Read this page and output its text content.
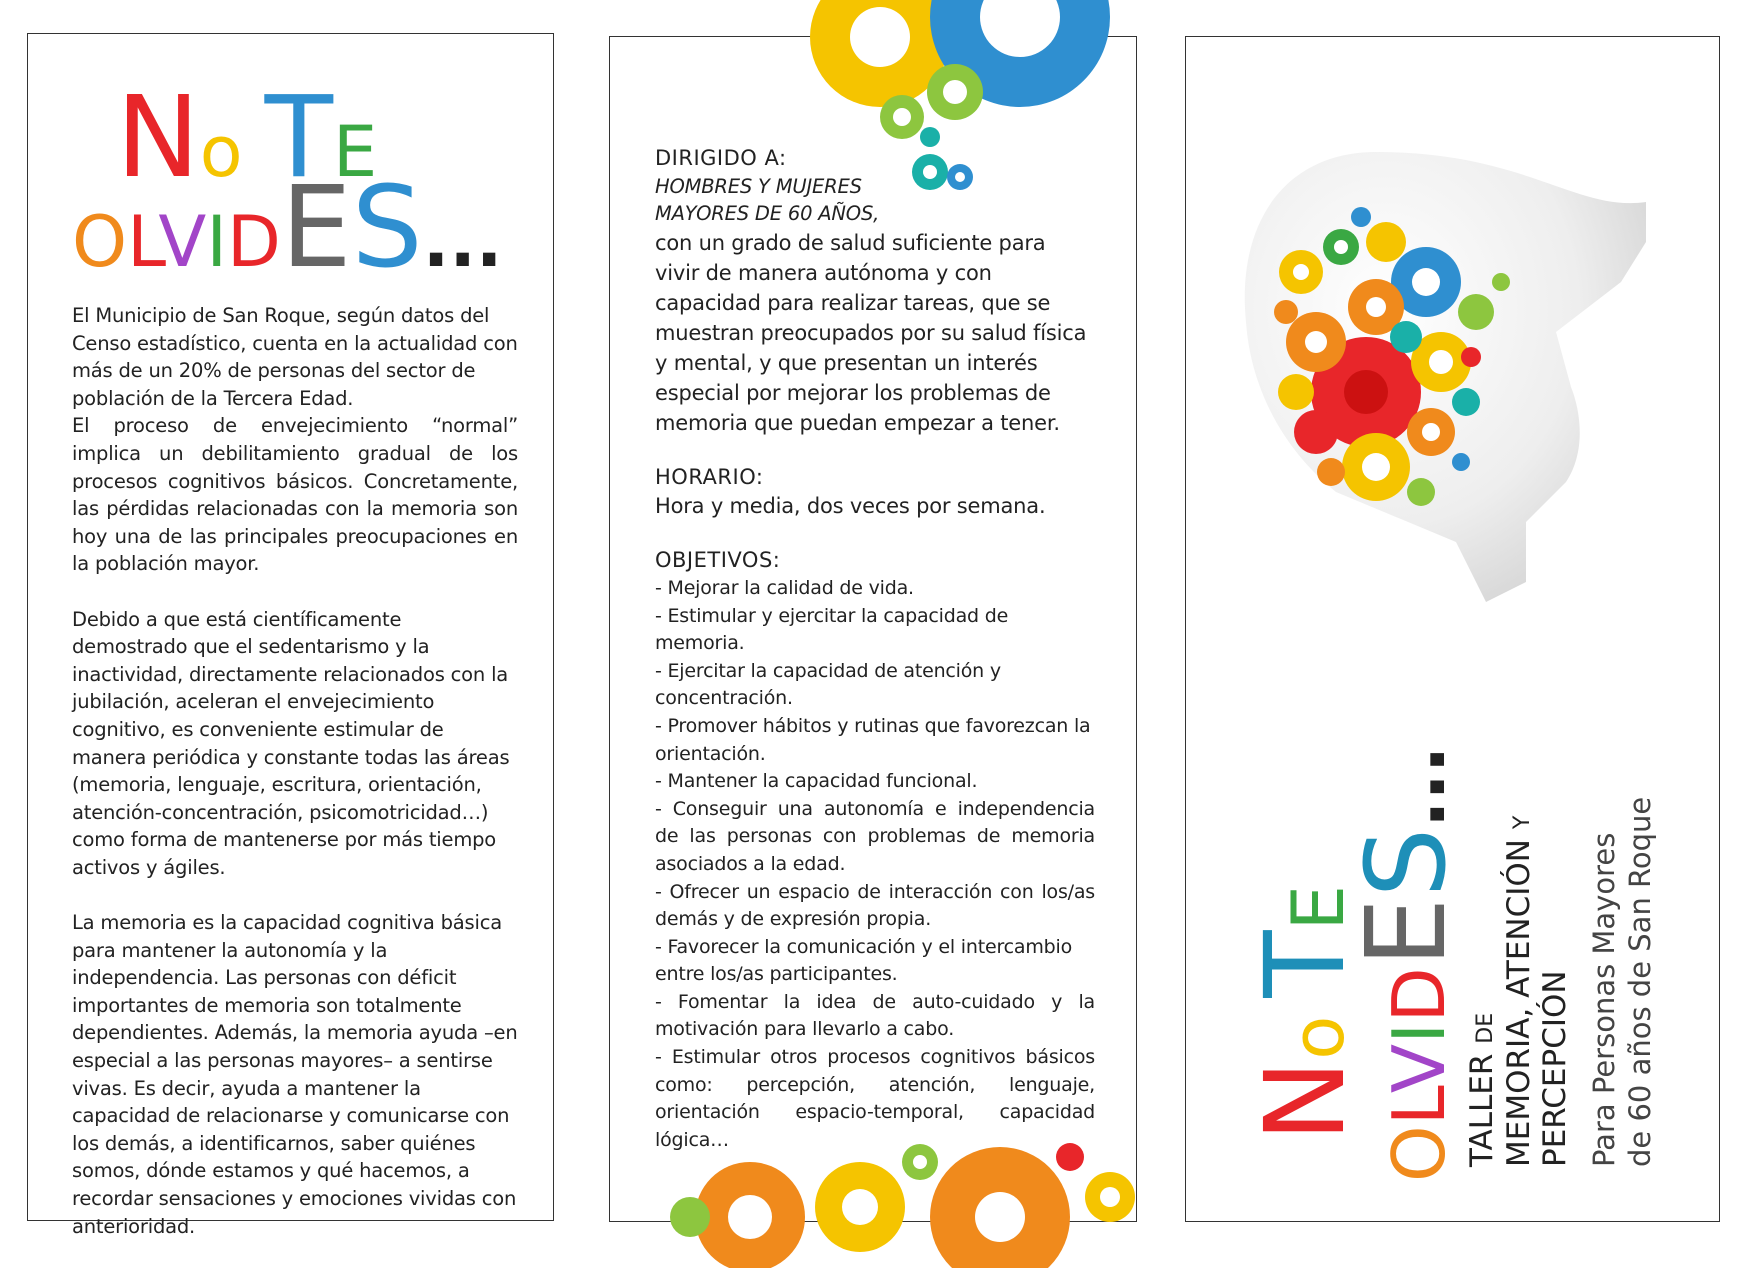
No TE
OLVIDES...

El Municipio de San Roque, según datos del Censo estadístico, cuenta en la actualidad con más de un 20% de personas del sector de población de la Tercera Edad.

El proceso de envejecimiento “normal” implica un debilitamiento gradual de los procesos cognitivos básicos. Concretamente, las pérdidas relacionadas con la memoria son hoy una de las principales preocupaciones en la población mayor.

Debido a que está científicamente demostrado que el sedentarismo y la inactividad, directamente relacionados con la jubilación, aceleran el envejecimiento cognitivo, es conveniente estimular de manera periódica y constante todas las áreas (memoria, lenguaje, escritura, orientación, atención-concentración, psicomotricidad…) como forma de mantenerse por más tiempo activos y ágiles.

La memoria es la capacidad cognitiva básica para mantener la autonomía y la independencia. Las personas con déficit importantes de memoria son totalmente dependientes. Además, la memoria ayuda –en especial a las personas mayores– a sentirse vivas. Es decir, ayuda a mantener la capacidad de relacionarse y comunicarse con los demás, a identificarnos, saber quiénes somos, dónde estamos y qué hacemos, a recordar sensaciones y emociones vividas con anterioridad.

DIRIGIDO A:
HOMBRES Y MUJERES
MAYORES DE 60 AÑOS,
con un grado de salud suficiente para vivir de manera autónoma y con capacidad para realizar tareas, que se muestran preocupados por su salud física y mental, y que presentan un interés especial por mejorar los problemas de memoria que puedan empezar a tener.
HORARIO:
Hora y media, dos veces por semana.
OBJETIVOS:
- Mejorar la calidad de vida.
- Estimular y ejercitar la capacidad de memoria.
- Ejercitar la capacidad de atención y concentración.
- Promover hábitos y rutinas que favorezcan la orientación.
- Mantener la capacidad funcional.
- Conseguir una autonomía e independencia de las personas con problemas de memoria asociados a la edad.
- Ofrecer un espacio de interacción con los/as demás y de expresión propia.
- Favorecer la comunicación y el intercambio entre los/as participantes.
- Fomentar la idea de auto-cuidado y la motivación para llevarlo a cabo.
- Estimular otros procesos cognitivos básicos como: percepción, atención, lenguaje, orientación espacio-temporal, capacidad lógica…	NoTE
OLVIDES...
TALLER DE MEMORIA, ATENCIÓN Y
PERCEPCIÓN Para Personas Mayores de 60 años de San Roque
